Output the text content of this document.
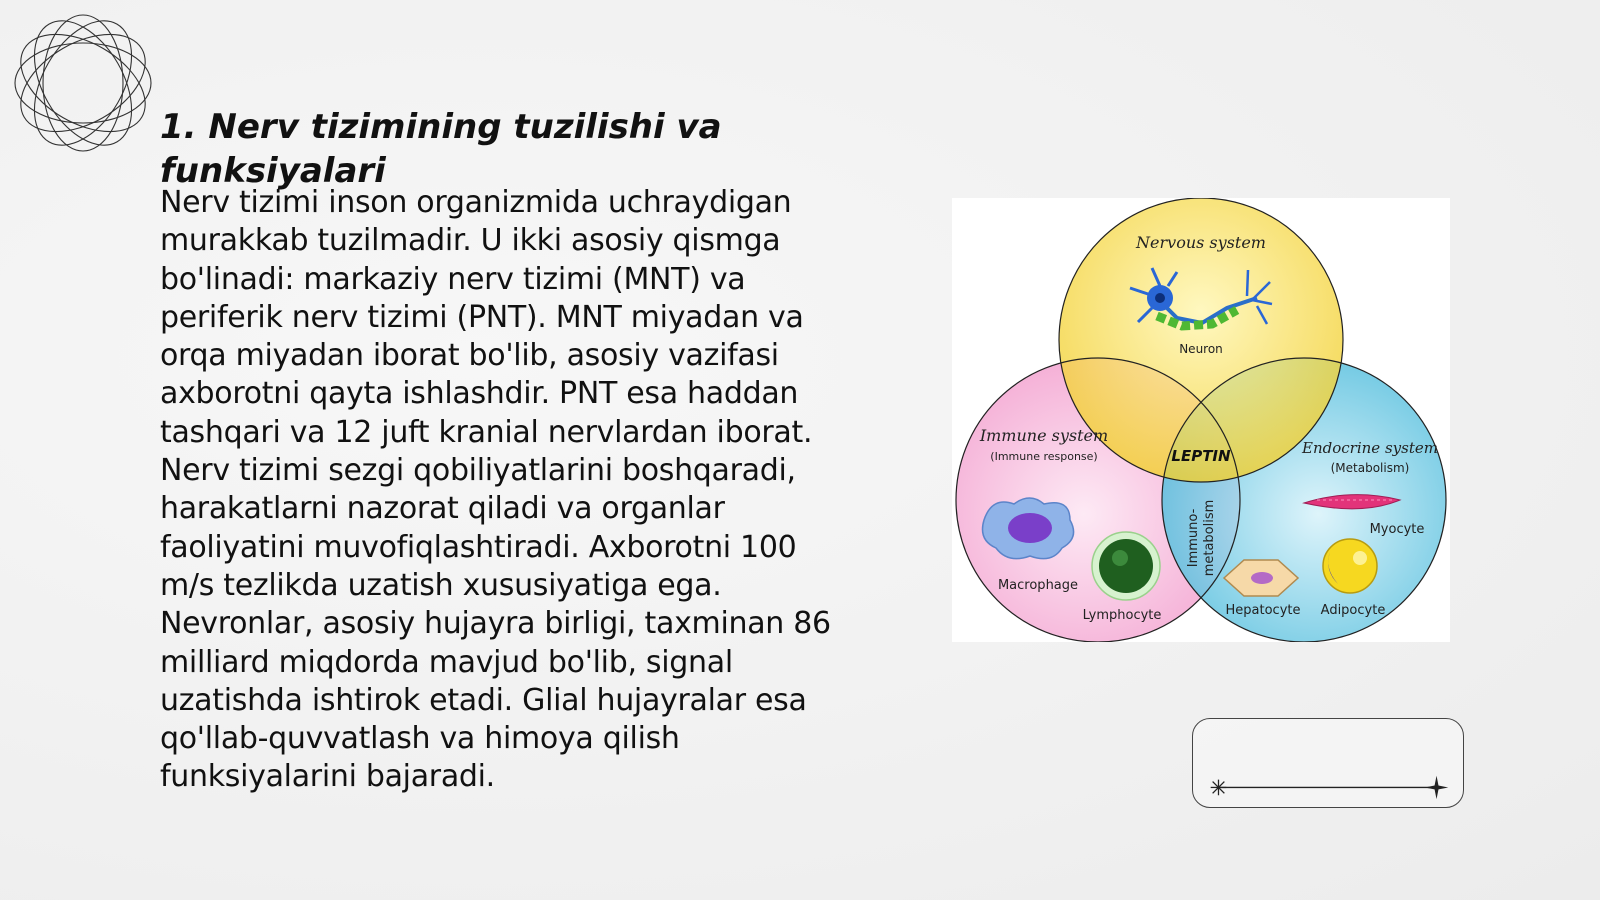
1. Nerv tizimining tuzilishi va funksiyalari

Nerv tizimi inson organizmida uchraydigan murakkab tuzilmadir. U ikki asosiy qismga bo'linadi: markaziy nerv tizimi (MNT) va periferik nerv tizimi (PNT). MNT miyadan va orqa miyadan iborat bo'lib, asosiy vazifasi axborotni qayta ishlashdir. PNT esa haddan tashqari va 12 juft kranial nervlardan iborat. Nerv tizimi sezgi qobiliyatlarini boshqaradi, harakatlarni nazorat qiladi va organlar faoliyatini muvofiqlashtiradi. Axborotni 100 m/s tezlikda uzatish xususiyatiga ega. Nevronlar, asosiy hujayra birligi, taxminan 86 milliard miqdorda mavjud bo'lib, signal uzatishda ishtirok etadi. Glial hujayralar esa qo'llab-quvvatlash va himoya qilish funksiyalarini bajaradi.

Nervous system
Neuron
Immune system
(Immune response)	Endocrine system
(Metabolism)
LEPTIN
Immuno- metabolism
Macrophage
Lymphocyte
Myocyte
Hepatocyte Adipocyte
